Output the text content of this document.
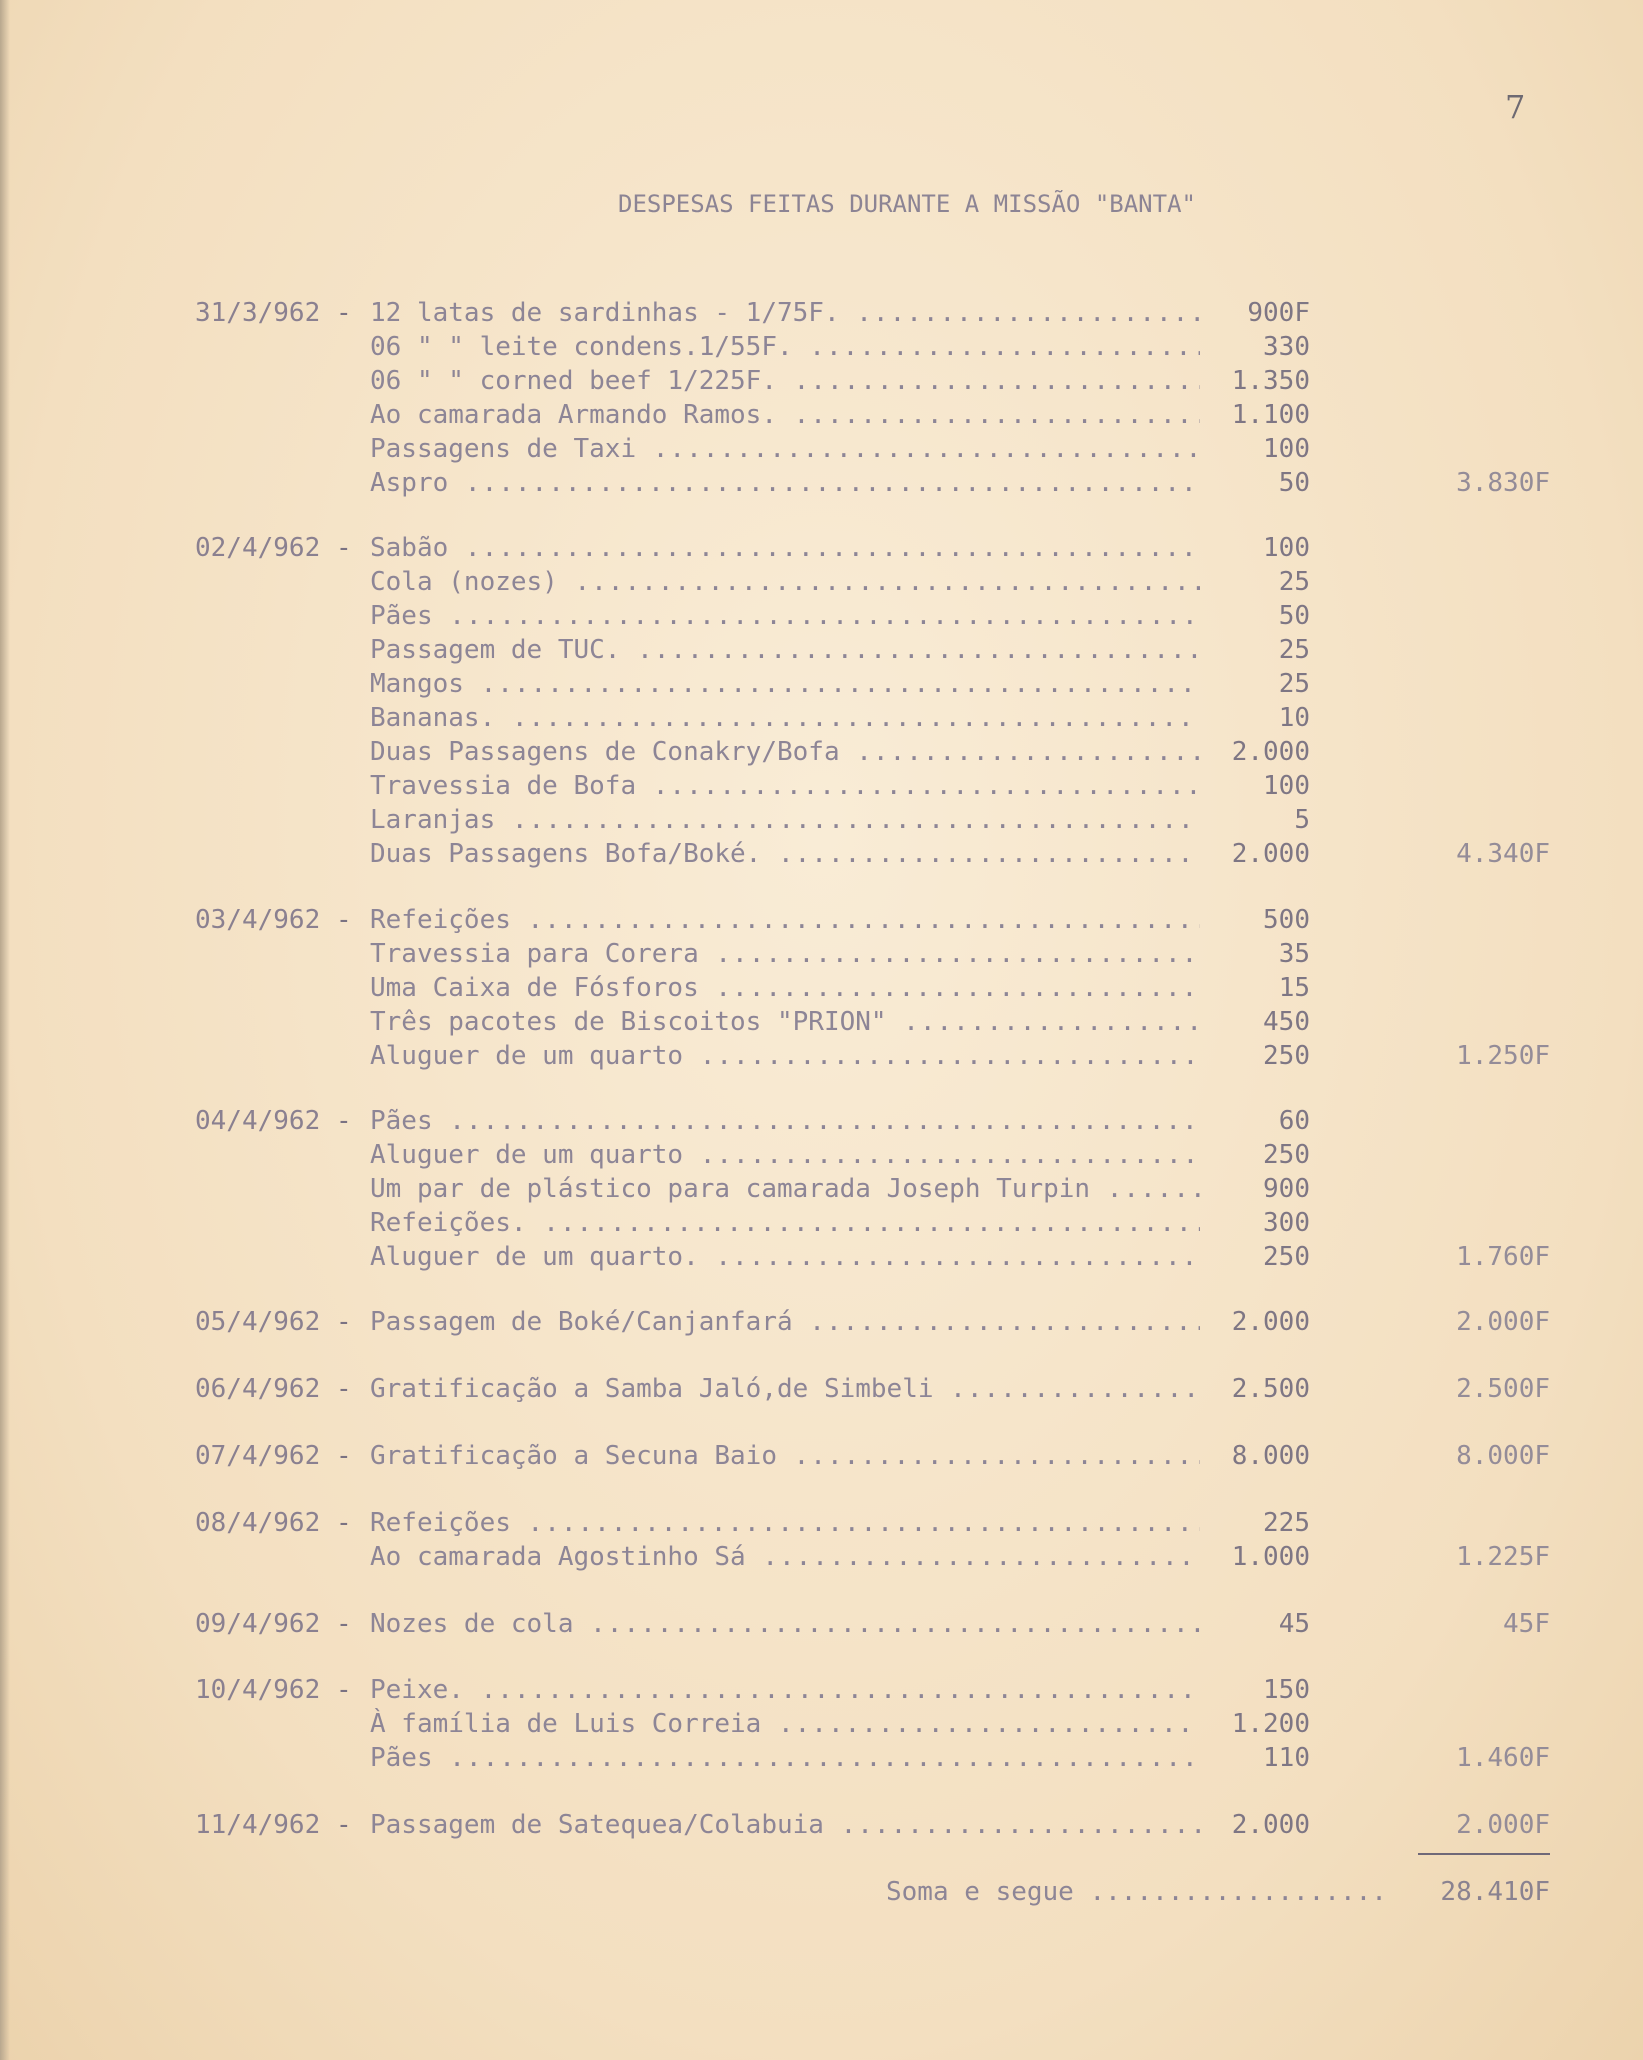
7
DESPESAS FEITAS DURANTE A MISSÃO "BANTA"
31/3/962 - 12 latas de sardinhas - 1/75F. .....	900F
06 " " leite condens.1/55F. .....	330
06 " " corned beef 1/225F. .....	1.350
Ao camarada Armando Ramos. .....	1.100
Passagens de Taxi .....	100
Aspro .....	50	3.830F
02/4/962 - Sabão .....	100
Cola (nozes) .....	25
Pães .....	50
Passagem de TUC. .....	25
Mangos .....	25
Bananas. .....	10
Duas Passagens de Conakry/Bofa .....	2.000
Travessia de Bofa .....	100
Laranjas .....	5
Duas Passagens Bofa/Boké. .....	2.000	4.340F
03/4/962 - Refeições .....	500
Travessia para Corera .....	35
Uma Caixa de Fósforos .....	15
Três pacotes de Biscoitos "PRION" .....	450
Aluguer de um quarto .....	250	1.250F
04/4/962 - Pães .....	60
Aluguer de um quarto .....	250
Um par de plástico para camarada Joseph Turpin .....	900
Refeições. .....	300
Aluguer de um quarto. .....	250	1.760F
05/4/962 - Passagem de Boké/Canjanfará .....	2.000	2.000F
06/4/962 - Gratificação a Samba Jaló,de Simbeli .....	2.500	2.500F
07/4/962 - Gratificação a Secuna Baio .....	8.000	8.000F
08/4/962 - Refeições .....	225
Ao camarada Agostinho Sá .....	1.000	1.225F
09/4/962 - Nozes de cola .....	45	45F
10/4/962 - Peixe. .....	150
À família de Luis Correia .....	1.200
Pães .....	110	1.460F
11/4/962 - Passagem de Satequea/Colabuia .....	2.000	2.000F
Soma e segue .....	28.410F
